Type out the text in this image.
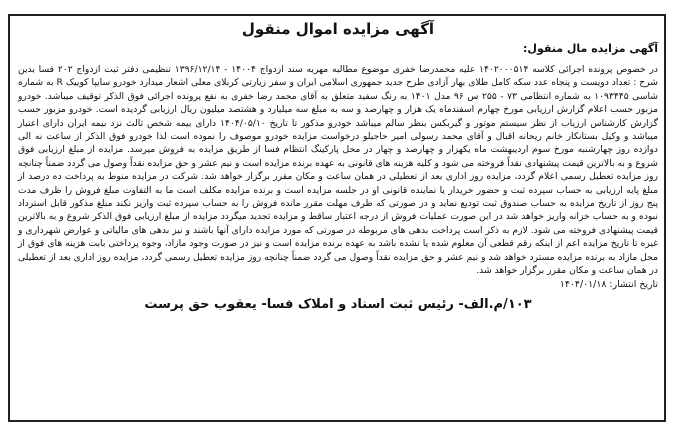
آگهی مزایده اموال منقول
آگهی مزایده مال منقول:

در خصوص پرونده اجرائی کلاسه ۱۴۰۲۰۰۰۵۱۴ علیه محمدرضا خفری موضوع مطالبه مهریه سند ازدواج ۱۴۰۰۴ - ۱۳۹۶/۱۲/۱۴ تنظیمی دفتر ثبت ازدواج ۲۰۲ فسا بدین شرح : تعداد دویست و پنجاه عدد سکه کامل طلای بهار آزادی طرح جدید جمهوری اسلامی ایران و سفر زیارتی کربلای معلی اشعار میدارد خودرو سایپا کوییک R به شماره شاسی ۱۰۹۳۴۴۵ به شماره انتظامی ۷۳ - ۲۵۵ س ۹۶ مدل ۱۴۰۱ به رنگ سفید متعلق به آقای محمد رضا خفری به نفع پرونده اجرائی فوق الذکر توقیف میباشد. خودرو مزبور حسب اعلام گزارش ارزیابی مورخ چهارم اسفندماه یک هزار و چهارصد و سه به مبلغ سه میلیارد و هشتصد میلیون ریال ارزیابی گردیده است. خودرو مزبور حسب گزارش کارشناس ارزیاب از نظر سیستم موتور و گیربکس بنظر سالم میباشد خودرو مذکور تا تاریخ ۱۴۰۴/۰۵/۱۰ دارای بیمه شخص ثالث نزد بیمه ایران دارای اعتبار میباشد و وکیل بستانکار خانم ریحانه اقبال و آقای محمد رسولی امیر حاجیلو درخواست مزایده خودرو موصوف را نموده است لذا خودرو فوق الذکر از ساعت نه الی دوازده روز چهارشنبه مورخ سوم اردیبهشت ماه یکهزار و چهارصد و چهار در محل پارکینگ انتظام فسا از طریق مزایده به فروش میرسد. مزایده از مبلغ ارزیابی فوق شروع و به بالاترین قیمت پیشنهادی نقداً فروخته می شود و کلیه هزینه های قانونی به عهده برنده مزایده است و نیم عشر و حق مزایده نقداً وصول می گردد ضمناً چنانچه روز مزایده تعطیل رسمی اعلام گردد، مزایده روز اداری بعد از تعطیلی در همان ساعت و مکان مقرر برگزار خواهد شد. شرکت در مزایده منوط به پرداخت ده درصد از مبلغ پایه ارزیابی به حساب سپرده ثبت و حضور خریدار یا نماینده قانونی او در جلسه مزایده است و برنده مزایده مکلف است ما به التفاوت مبلغ فروش را ظرف مدت پنج روز از تاریخ مزایده به حساب صندوق ثبت تودیع نماید و در صورتی که ظرف مهلت مقرر مانده فروش را به حساب سپرده ثبت واریز نکند مبلغ مذکور قابل استرداد نبوده و به حساب خزانه واریز خواهد شد در این صورت عملیات فروش از درجه اعتبار ساقط و مزایده تجدید میگردد مزایده از مبلغ ارزیابی فوق الذکر شروع و به بالاترین قیمت پیشنهادی فروخته می شود. لازم به ذکر است پرداخت بدهی های مربوطه در صورتی که مورد مزایده دارای آنها باشند و نیز بدهی های مالیاتی و عوارض شهرداری و غیره تا تاریخ مزایده اعم از اینکه رقم قطعی آن معلوم شده یا نشده باشد به عهده برنده مزایده است و نیز در صورت وجود مازاد، وجوه پرداختی بابت هزینه های فوق از محل مازاد به برنده مزایده مسترد خواهد شد و نیم عشر و حق مزایده نقداً وصول می گردد ضمناً چنانچه روز مزایده تعطیل رسمی گردد، مزایده روز اداری بعد از تعطیلی در همان ساعت و مکان مقرر برگزار خواهد شد.

تاریخ انتشار: ۱۴۰۴/۰۱/۱۸
۱۰۳/م.الف- رئیس ثبت اسناد و املاک فسا- یعقوب حق پرست
